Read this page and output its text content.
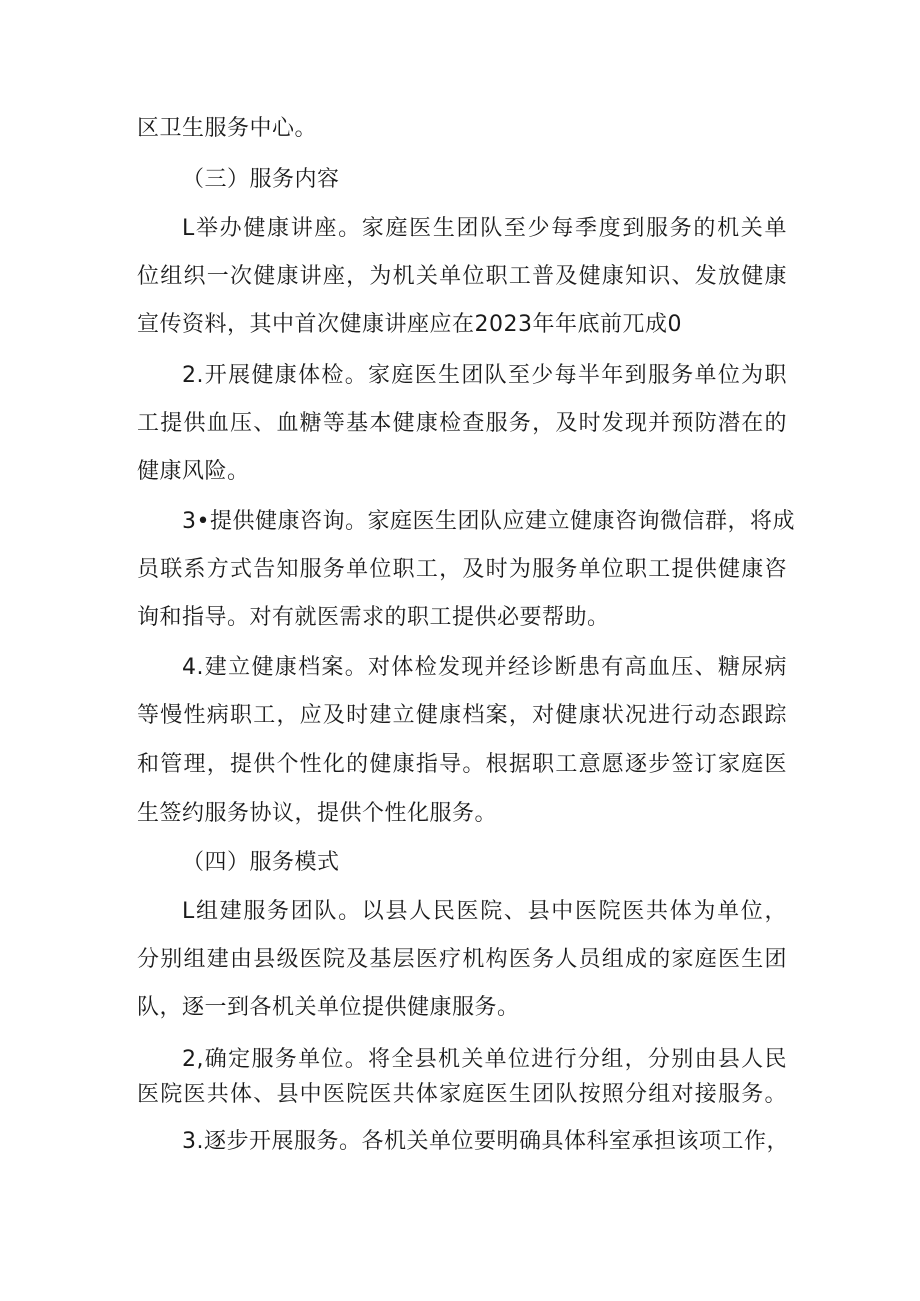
区卫生服务中心。
（三）服务内容
L举办健康讲座。家庭医生团队至少每季度到服务的机关单
位组织一次健康讲座，为机关单位职工普及健康知识、发放健康
宣传资料，其中首次健康讲座应在2023年年底前兀成0
2.开展健康体检。家庭医生团队至少每半年到服务单位为职
工提供血压、血糖等基本健康检查服务，及时发现并预防潜在的
健康风险。
3•提供健康咨询。家庭医生团队应建立健康咨询微信群，将成
员联系方式告知服务单位职工，及时为服务单位职工提供健康咨
询和指导。对有就医需求的职工提供必要帮助。
4.建立健康档案。对体检发现并经诊断患有高血压、糖尿病
等慢性病职工，应及时建立健康档案，对健康状况进行动态跟踪
和管理，提供个性化的健康指导。根据职工意愿逐步签订家庭医
生签约服务协议，提供个性化服务。
（四）服务模式
L组建服务团队。以县人民医院、县中医院医共体为单位，
分别组建由县级医院及基层医疗机构医务人员组成的家庭医生团
队，逐一到各机关单位提供健康服务。
2,确定服务单位。将全县机关单位进行分组，分别由县人民
医院医共体、县中医院医共体家庭医生团队按照分组对接服务。
3.逐步开展服务。各机关单位要明确具体科室承担该项工作，
